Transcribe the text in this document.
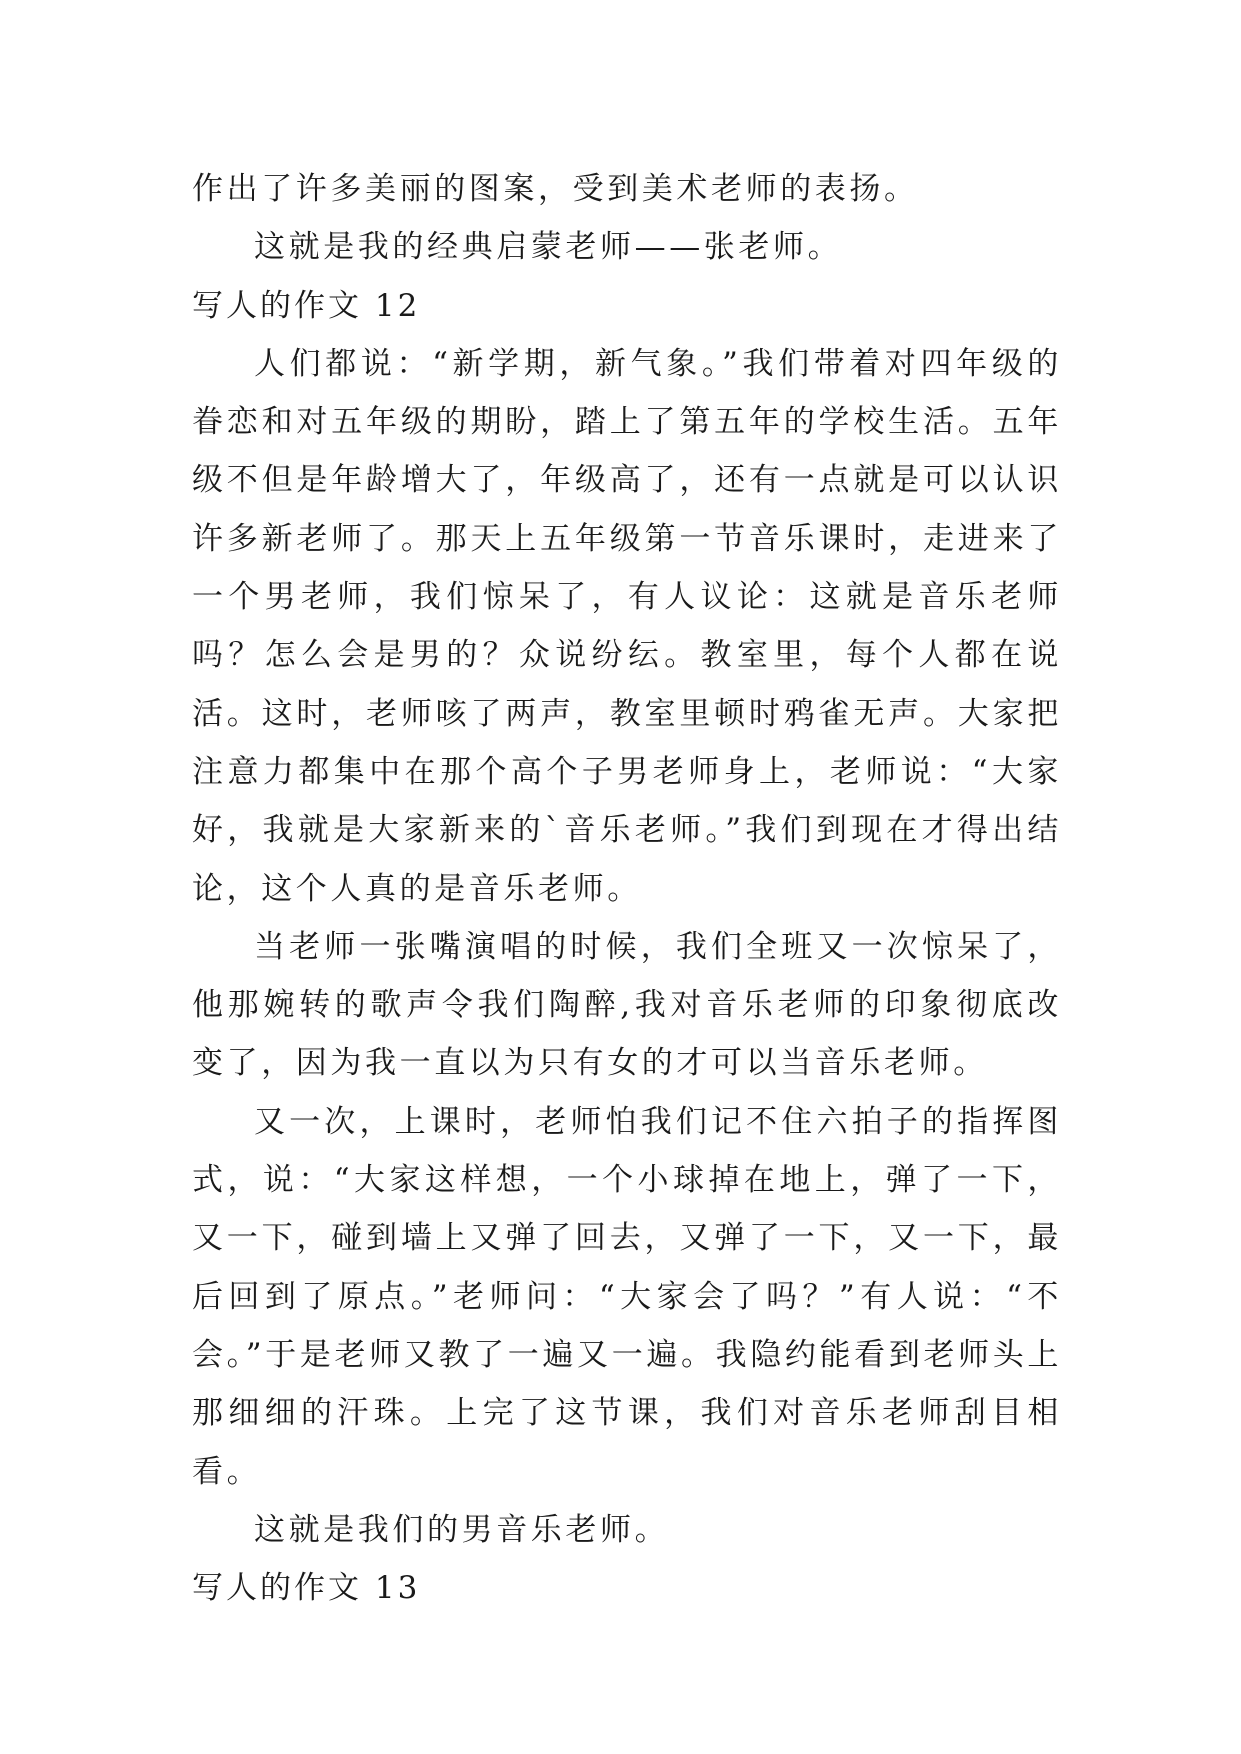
作出了许多美丽的图案，受到美术老师的表扬。

这就是我的经典启蒙老师——张老师。

写人的作文 12

人们都说：“新学期，新气象。”我们带着对四年级的眷恋和对五年级的期盼，踏上了第五年的学校生活。五年级不但是年龄增大了，年级高了，还有一点就是可以认识许多新老师了。那天上五年级第一节音乐课时，走进来了一个男老师，我们惊呆了，有人议论：这就是音乐老师吗？怎么会是男的？众说纷纭。教室里，每个人都在说活。这时，老师咳了两声，教室里顿时鸦雀无声。大家把注意力都集中在那个高个子男老师身上，老师说：“大家好，我就是大家新来的`音乐老师。”我们到现在才得出结论，这个人真的是音乐老师。

当老师一张嘴演唱的时候，我们全班又一次惊呆了，他那婉转的歌声令我们陶醉,我对音乐老师的印象彻底改变了，因为我一直以为只有女的才可以当音乐老师。

又一次，上课时，老师怕我们记不住六拍子的指挥图式，说：“大家这样想，一个小球掉在地上，弹了一下，又一下，碰到墙上又弹了回去，又弹了一下，又一下，最后回到了原点。”老师问：“大家会了吗？”有人说：“不会。”于是老师又教了一遍又一遍。我隐约能看到老师头上那细细的汗珠。上完了这节课，我们对音乐老师刮目相看。

这就是我们的男音乐老师。

写人的作文 13
